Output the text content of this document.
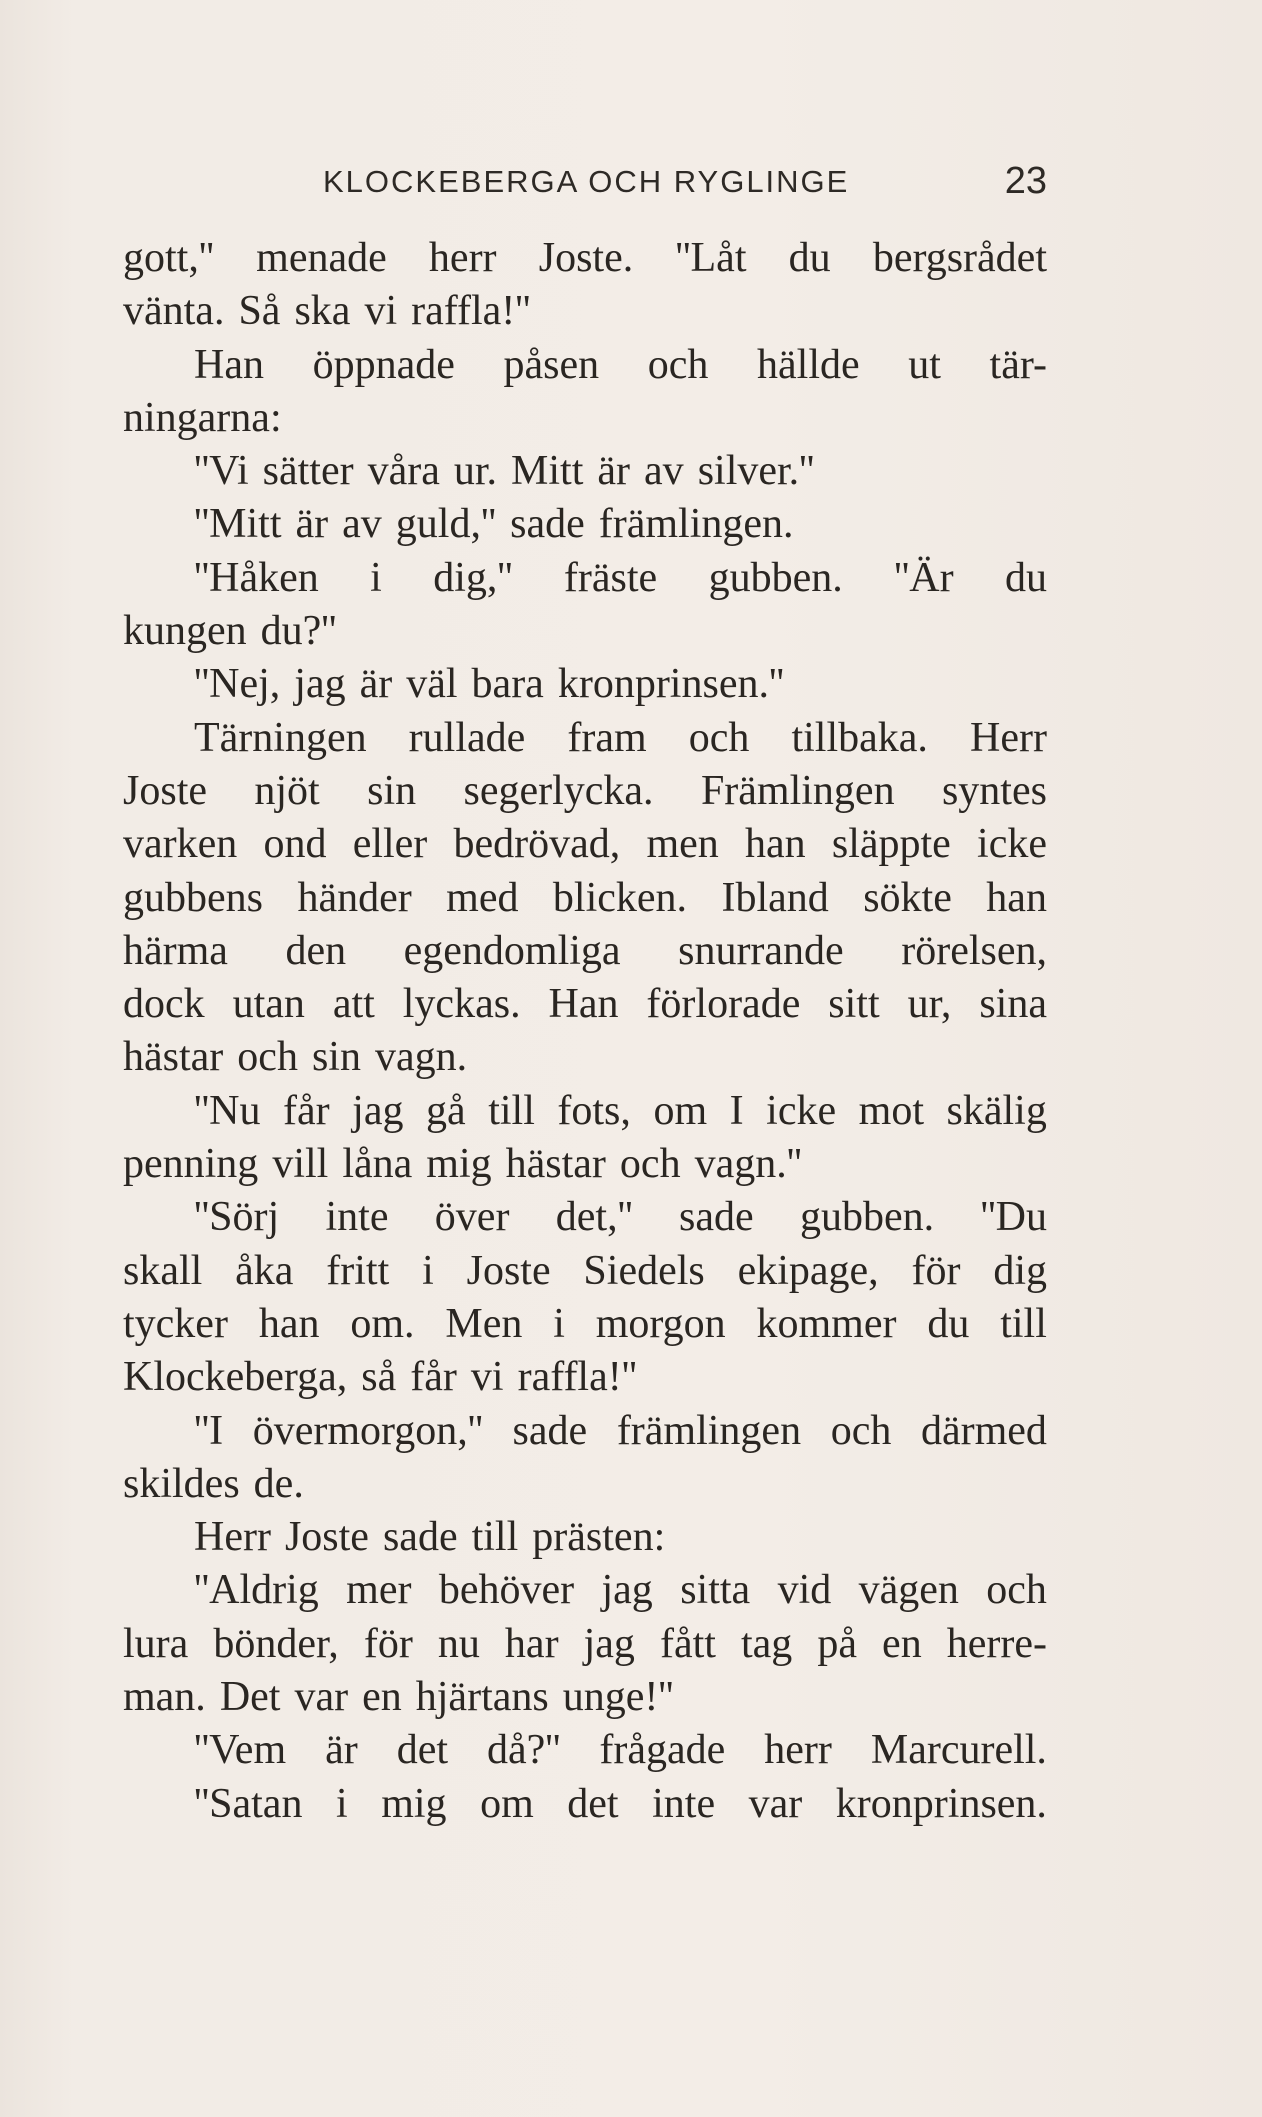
KLOCKEBERGA OCH RYGLINGE	23
gott,'' menade herr Joste. ''Låt du bergsrådet
vänta. Så ska vi raffla!''
Han öppnade påsen och hällde ut tär-
ningarna:
''Vi sätter våra ur. Mitt är av silver.''
''Mitt är av guld,'' sade främlingen.
''Håken i dig,'' fräste gubben. ''Är du
kungen du?''
''Nej, jag är väl bara kronprinsen.''
Tärningen rullade fram och tillbaka. Herr
Joste njöt sin segerlycka. Främlingen syntes
varken ond eller bedrövad, men han släppte icke
gubbens händer med blicken. Ibland sökte han
härma den egendomliga snurrande rörelsen,
dock utan att lyckas. Han förlorade sitt ur, sina
hästar och sin vagn.
''Nu får jag gå till fots, om I icke mot skälig
penning vill låna mig hästar och vagn.''
''Sörj inte över det,'' sade gubben. ''Du
skall åka fritt i Joste Siedels ekipage, för dig
tycker han om. Men i morgon kommer du till
Klockeberga, så får vi raffla!''
''I övermorgon,'' sade främlingen och därmed
skildes de.
Herr Joste sade till prästen:
''Aldrig mer behöver jag sitta vid vägen och
lura bönder, för nu har jag fått tag på en herre-
man. Det var en hjärtans unge!''
''Vem är det då?'' frågade herr Marcurell.
''Satan i mig om det inte var kronprinsen.
